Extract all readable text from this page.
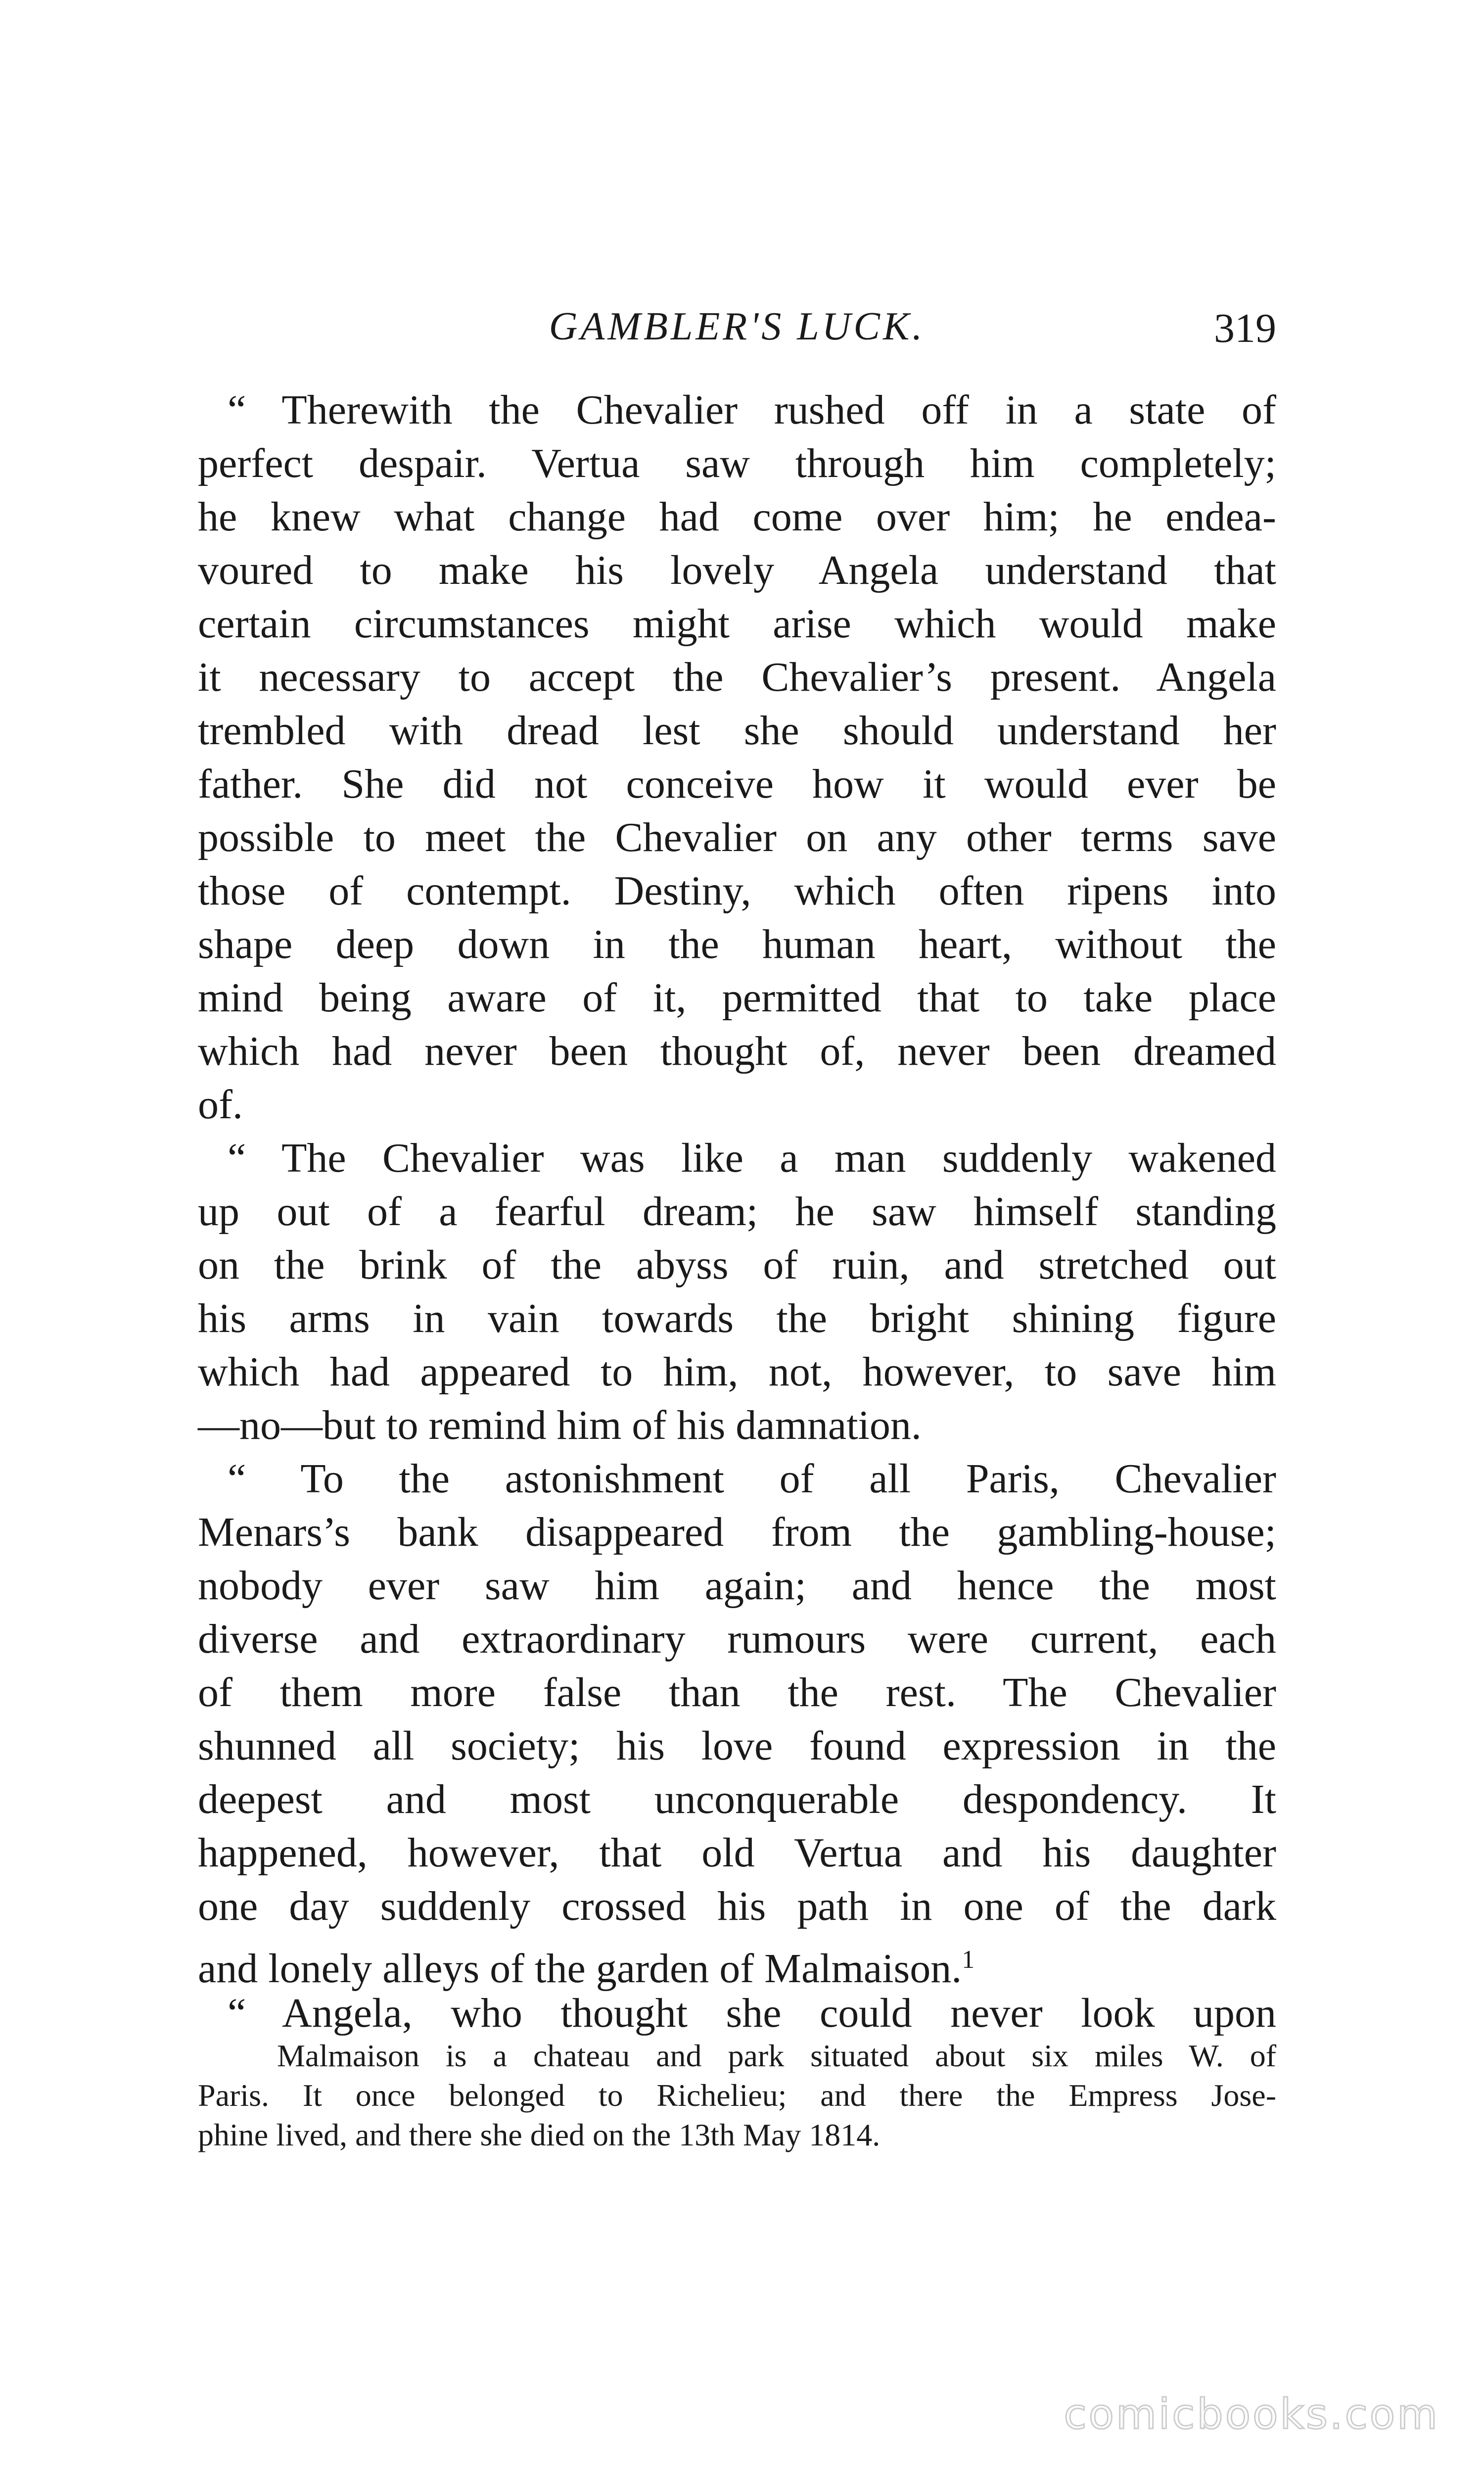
GAMBLER'S LUCK.	319
“ Therewith the Chevalier rushed off in a state of
perfect despair. Vertua saw through him completely;
he knew what change had come over him; he endea-
voured to make his lovely Angela understand that
certain circumstances might arise which would make
it necessary to accept the Chevalier’s present. Angela
trembled with dread lest she should understand her
father. She did not conceive how it would ever be
possible to meet the Chevalier on any other terms save
those of contempt. Destiny, which often ripens into
shape deep down in the human heart, without the
mind being aware of it, permitted that to take place
which had never been thought of, never been dreamed
of.
“ The Chevalier was like a man suddenly wakened
up out of a fearful dream; he saw himself standing
on the brink of the abyss of ruin, and stretched out
his arms in vain towards the bright shining figure
which had appeared to him, not, however, to save him
—no—but to remind him of his damnation.
“ To the astonishment of all Paris, Chevalier
Menars’s bank disappeared from the gambling-house;
nobody ever saw him again; and hence the most
diverse and extraordinary rumours were current, each
of them more false than the rest. The Chevalier
shunned all society; his love found expression in the
deepest and most unconquerable despondency. It
happened, however, that old Vertua and his daughter
one day suddenly crossed his path in one of the dark
and lonely alleys of the garden of Malmaison.$^1$
“ Angela, who thought she could never look upon
Malmaison is a chateau and park situated about six miles W. of
Paris. It once belonged to Richelieu; and there the Empress Jose-
phine lived, and there she died on the 13th May 1814.
comicbooks.com
